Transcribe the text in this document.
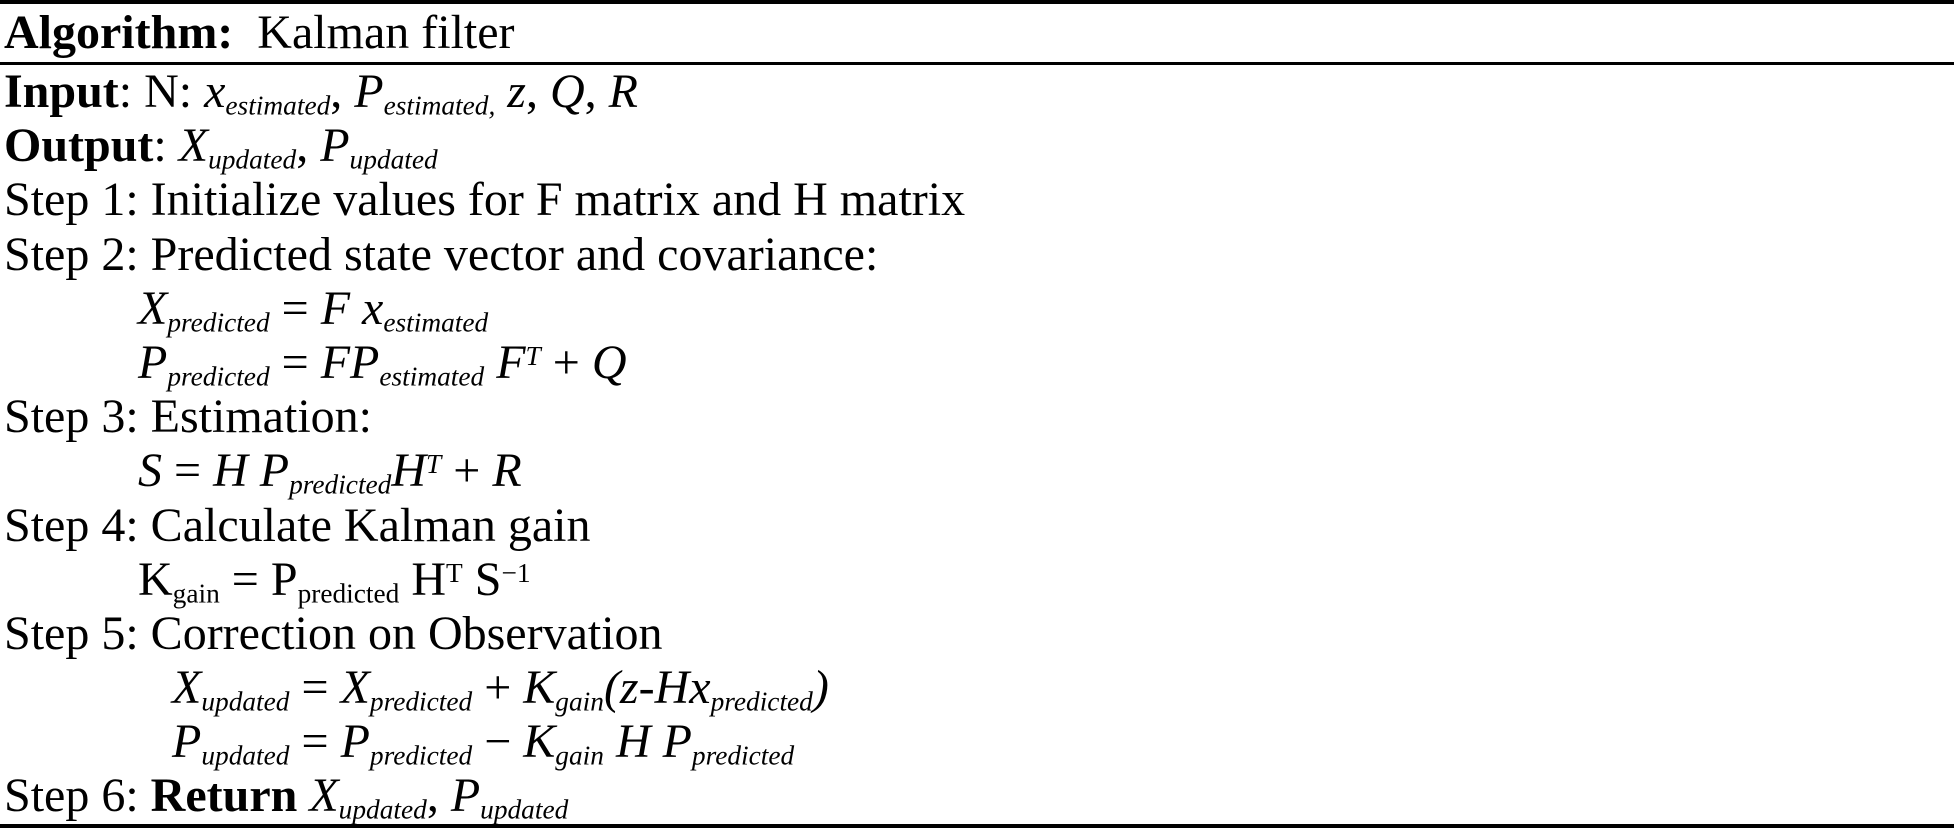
Algorithm: Kalman filter
Input: N: $x_{estimated}$, $P_{estimated,}$ z, Q, R
Output: $X_{updated}$, $P_{updated}$
Step 1: Initialize values for F matrix and H matrix
Step 2: Predicted state vector and covariance:
$X_{predicted} = F$ $x_{estimated}$
$P_{predicted} = FP_{estimated}$ $F^T + Q$
Step 3: Estimation:
S = H $P_{predicted}H^T + R$
Step 4: Calculate Kalman gain
$K_{gain} = P_{predicted}$ $H^T$ $S^{-1}$
Step 5: Correction on Observation
$X_{updated} = X_{predicted} + K_{gain}(z-Hx_{predicted})$
$P_{updated} = P_{predicted} - K_{gain}$ H $P_{predicted}$
Step 6: Return $X_{updated}$, $P_{updated}$
